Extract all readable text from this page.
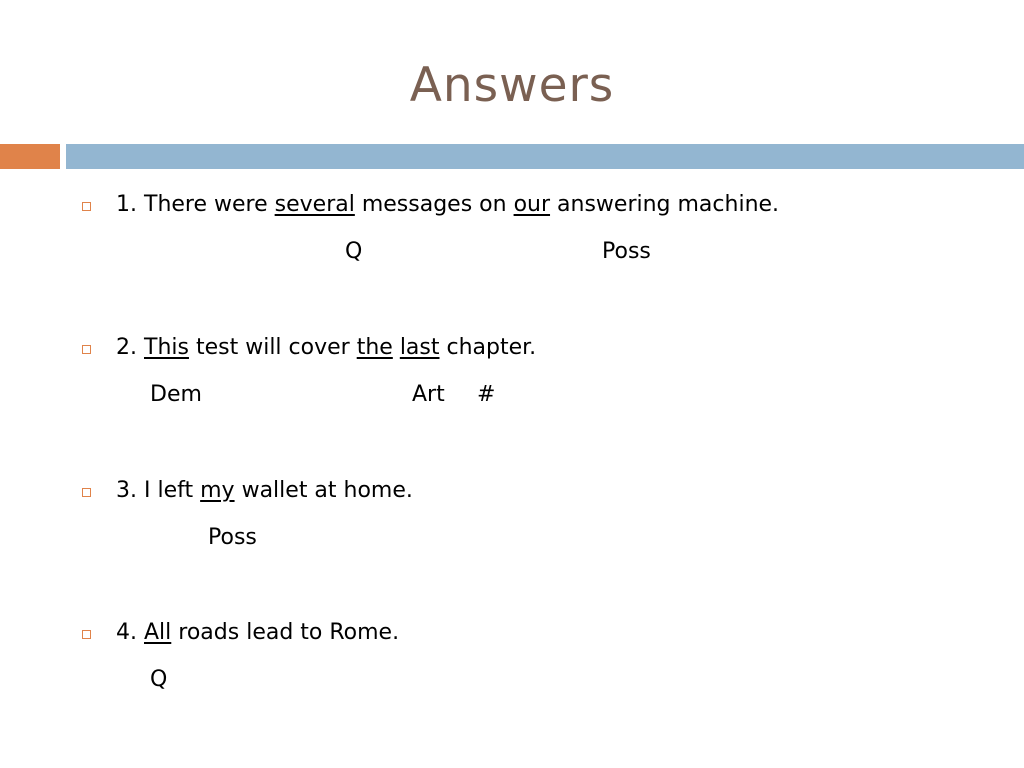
Answers
1. There were several messages on our answering machine.
Q	Poss
2. This test will cover the last chapter.
Dem	Art #
3. I left my wallet at home.
Poss
4. All roads lead to Rome.
Q
